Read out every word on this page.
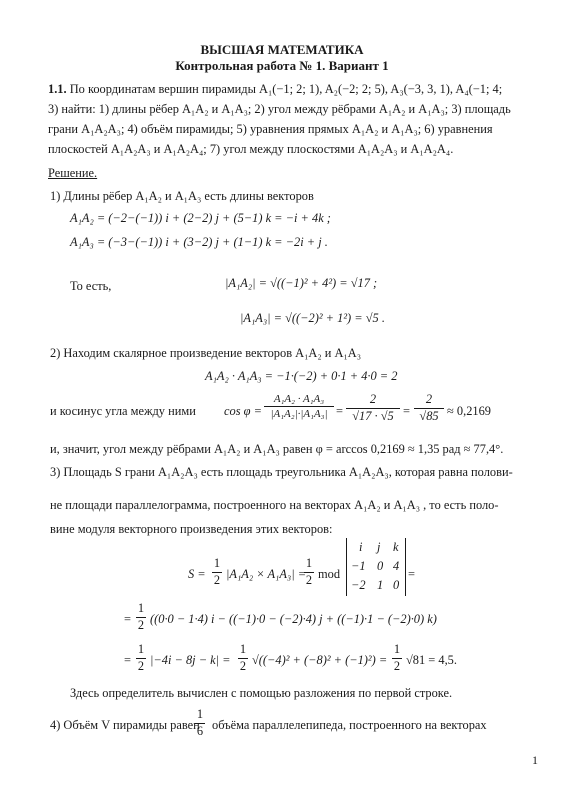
ВЫСШАЯ МАТЕМАТИКА
Контрольная работа № 1. Вариант 1
1.1. По координатам вершин пирамиды A₁(−1; 2; 1), A₂(−2; 2; 5), A₃(−3, 3, 1), A₄(−1; 4;
3) найти: 1) длины рёбер A₁A₂ и A₁A₃; 2) угол между рёбрами A₁A₂ и A₁A₃; 3) площадь
грани A₁A₂A₃; 4) объём пирамиды; 5) уравнения прямых A₁A₂ и A₁A₃; 6) уравнения
плоскостей A₁A₂A₃ и A₁A₂A₄; 7) угол между плоскостями A₁A₂A₃ и A₁A₂A₄.
Решение.
1) Длины рёбер A₁A₂ и A₁A₃ есть длины векторов
A₁A₂ = (−2−(−1)) i + (2−2) j + (5−1) k = −i + 4k ;
A₁A₃ = (−3−(−1)) i + (3−2) j + (1−1) k = −2i + j .
То есть,	|A₁A₂| = √((−1)² + 4²) = √17 ;
|A₁A₃| = √((−2)² + 1²) = √5 .
2) Находим скалярное произведение векторов A₁A₂ и A₁A₃
A₁A₂ · A₁A₃ = −1·(−2) + 0·1 + 4·0 = 2
и косинус угла между ними cos φ =
A₁A₂ · A₁A₃
|A₁A₂|·|A₁A₃| =
2
√17 · √5 =
2
√85 ≈ 0,2169
и, значит, угол между рёбрами A₁A₂ и A₁A₃ равен φ = arccos 0,2169 ≈ 1,35 рад ≈ 77,4°.
3) Площадь S грани A₁A₂A₃ есть площадь треугольника A₁A₂A₃, которая равна полови-
не площади параллелограмма, построенного на векторах A₁A₂ и A₁A₃ , то есть поло-
вине модуля векторного произведения этих векторов:
S =
1
2 |A₁A₂ × A₁A₃| =
1
2 mod
i j k
−1 0 4
−2 1 0
=
=
1
2 ((0·0 − 1·4) i − ((−1)·0 − (−2)·4) j + ((−1)·1 − (−2)·0) k)
=
1
2 |−4i − 8j − k| =
1
2 √((−4)² + (−8)² + (−1)²) =
1
2 √81 = 4,5.
Здесь определитель вычислен с помощью разложения по первой строке.
4) Объём V пирамиды равен
1
6 объёма параллелепипеда, построенного на векторах
1
